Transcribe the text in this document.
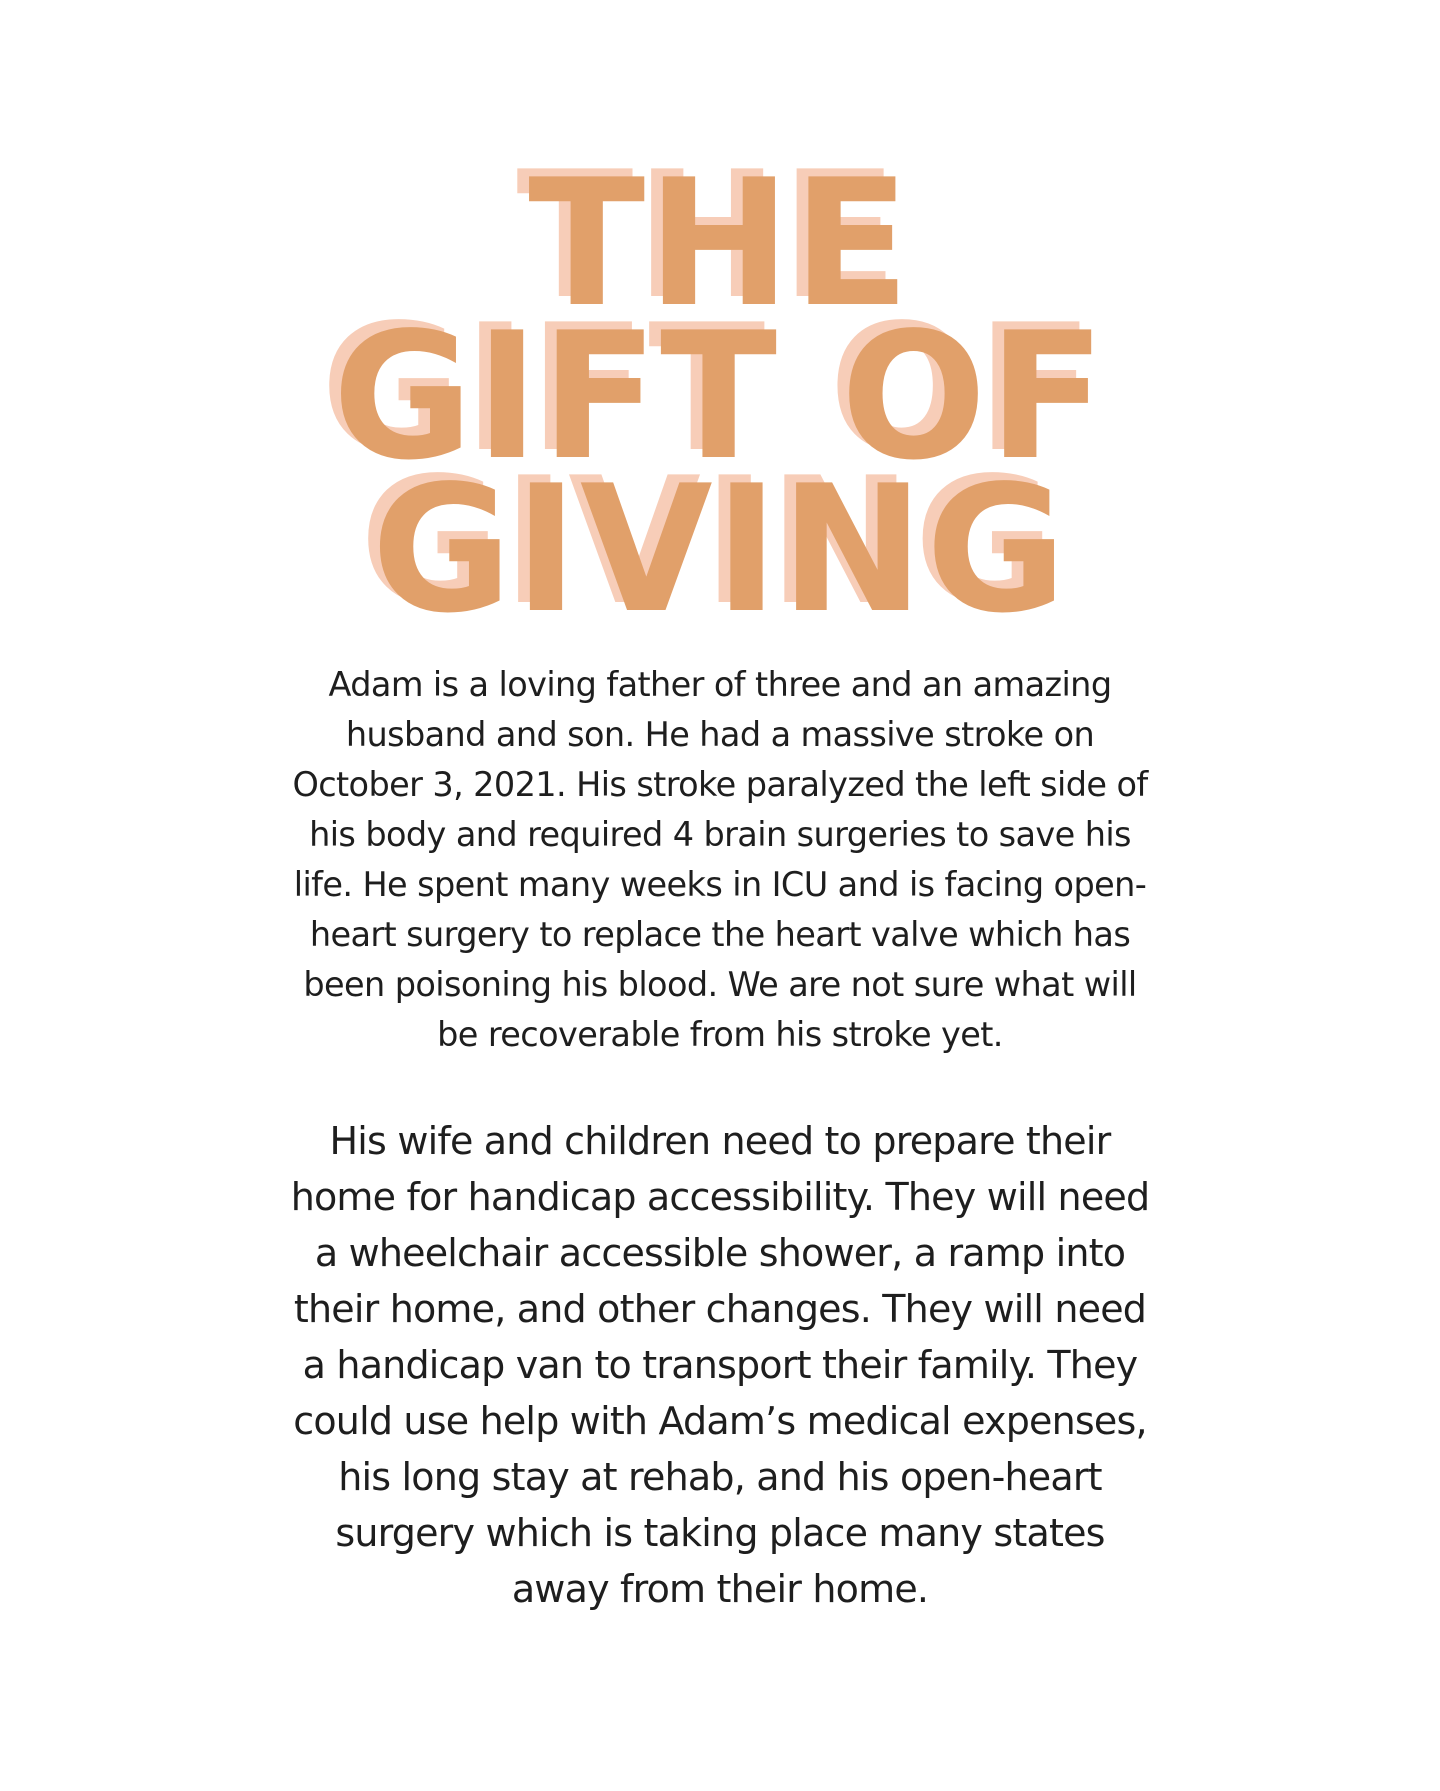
THE
GIFT OF
GIVING

Adam is a loving father of three and an amazing husband and son. He had a massive stroke on October 3, 2021. His stroke paralyzed the left side of his body and required 4 brain surgeries to save his life. He spent many weeks in ICU and is facing open-heart surgery to replace the heart valve which has been poisoning his blood. We are not sure what will be recoverable from his stroke yet.

His wife and children need to prepare their home for handicap accessibility. They will need a wheelchair accessible shower, a ramp into their home, and other changes. They will need a handicap van to transport their family. They could use help with Adam’s medical expenses, his long stay at rehab, and his open-heart surgery which is taking place many states away from their home.
